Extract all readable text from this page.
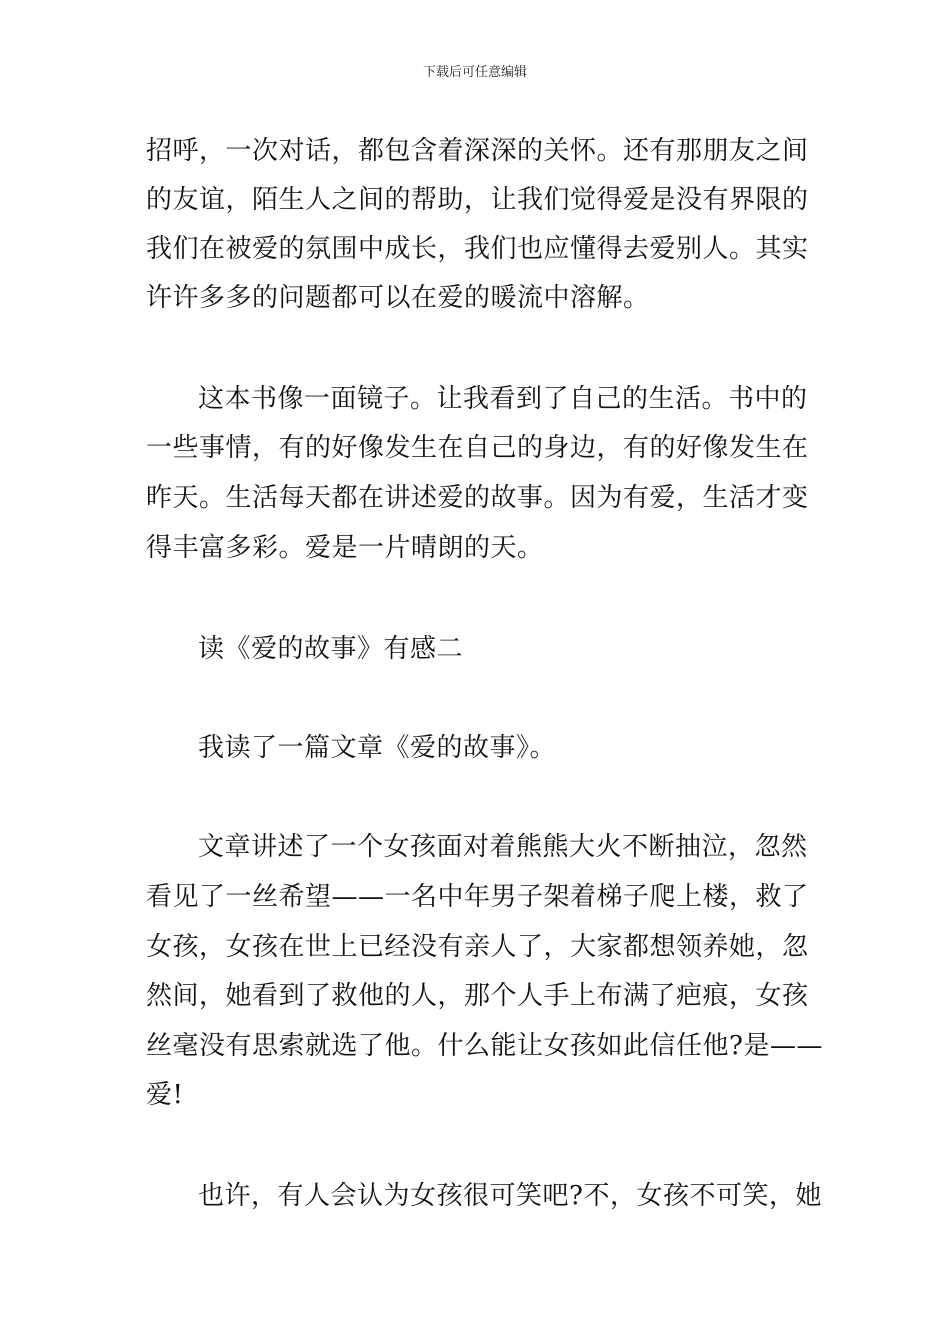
下载后可任意编辑
招呼，一次对话，都包含着深深的关怀。还有那朋友之间
的友谊，陌生人之间的帮助，让我们觉得爱是没有界限的
我们在被爱的氛围中成长，我们也应懂得去爱别人。其实
许许多多的问题都可以在爱的暖流中溶解。
这本书像一面镜子。让我看到了自己的生活。书中的
一些事情，有的好像发生在自己的身边，有的好像发生在
昨天。生活每天都在讲述爱的故事。因为有爱，生活才变
得丰富多彩。爱是一片晴朗的天。
读《爱的故事》有感二
我读了一篇文章《爱的故事》。
文章讲述了一个女孩面对着熊熊大火不断抽泣，忽然
看见了一丝希望——一名中年男子架着梯子爬上楼，救了
女孩，女孩在世上已经没有亲人了，大家都想领养她，忽
然间，她看到了救他的人，那个人手上布满了疤痕，女孩
丝毫没有思索就选了他。什么能让女孩如此信任他?是——
爱!
也许，有人会认为女孩很可笑吧?不，女孩不可笑，她
